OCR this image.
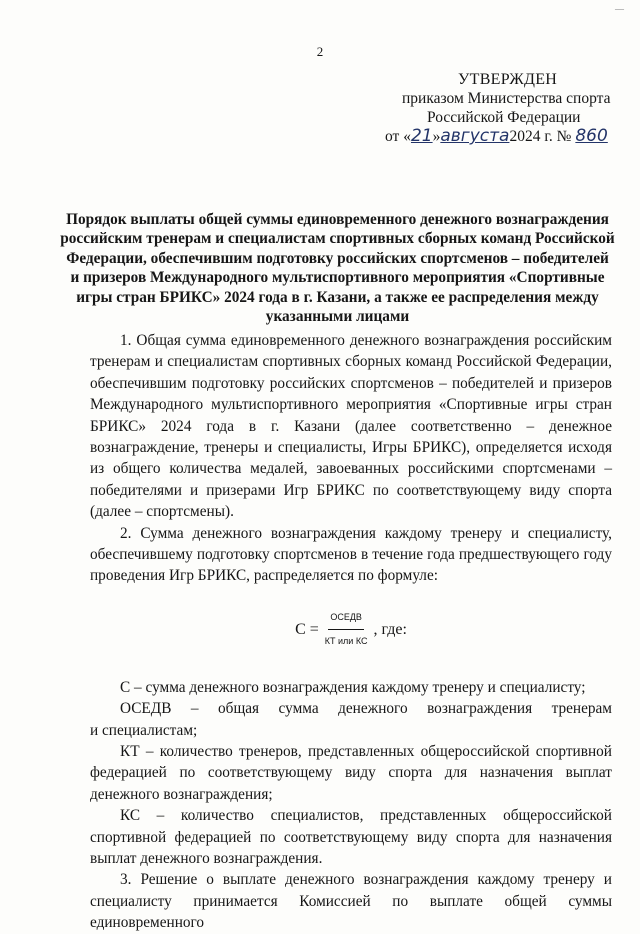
—
2
УТВЕРЖДЕН
приказом Министерства спорта
Российской Федерации
от «21»августа2024 г. № 860
Порядок выплаты общей суммы единовременного денежного вознаграждения российским тренерам и специалистам спортивных сборных команд Российской Федерации, обеспечившим подготовку российских спортсменов – победителей и призеров Международного мультиспортивного мероприятия «Спортивные игры стран БРИКС» 2024 года в г. Казани, а также ее распределения между указанными лицами

1. Общая сумма единовременного денежного вознаграждения российским тренерам и специалистам спортивных сборных команд Российской Федерации, обеспечившим подготовку российских спортсменов – победителей и призеров Международного мультиспортивного мероприятия «Спортивные игры стран БРИКС» 2024 года в г. Казани (далее соответственно – денежное вознаграждение, тренеры и специалисты, Игры БРИКС), определяется исходя из общего количества медалей, завоеванных российскими спортсменами – победителями и призерами Игр БРИКС по соответствующему виду спорта (далее – спортсмены).

2. Сумма денежного вознаграждения каждому тренеру и специалисту, обеспечившему подготовку спортсменов в течение года предшествующего году проведения Игр БРИКС, распределяется по формуле:

$С = \frac{\text{ОСЕДВ}}{\text{КТ или КС}}$ , где:

С – сумма денежного вознаграждения каждому тренеру и специалисту;

ОСЕДВ – общая сумма денежного вознаграждения тренерам

и специалистам;

КТ – количество тренеров, представленных общероссийской спортивной федерацией по соответствующему виду спорта для назначения выплат денежного вознаграждения;

КС – количество специалистов, представленных общероссийской спортивной федерацией по соответствующему виду спорта для назначения выплат денежного вознаграждения.

3. Решение о выплате денежного вознаграждения каждому тренеру и специалисту принимается Комиссией по выплате общей суммы единовременного
